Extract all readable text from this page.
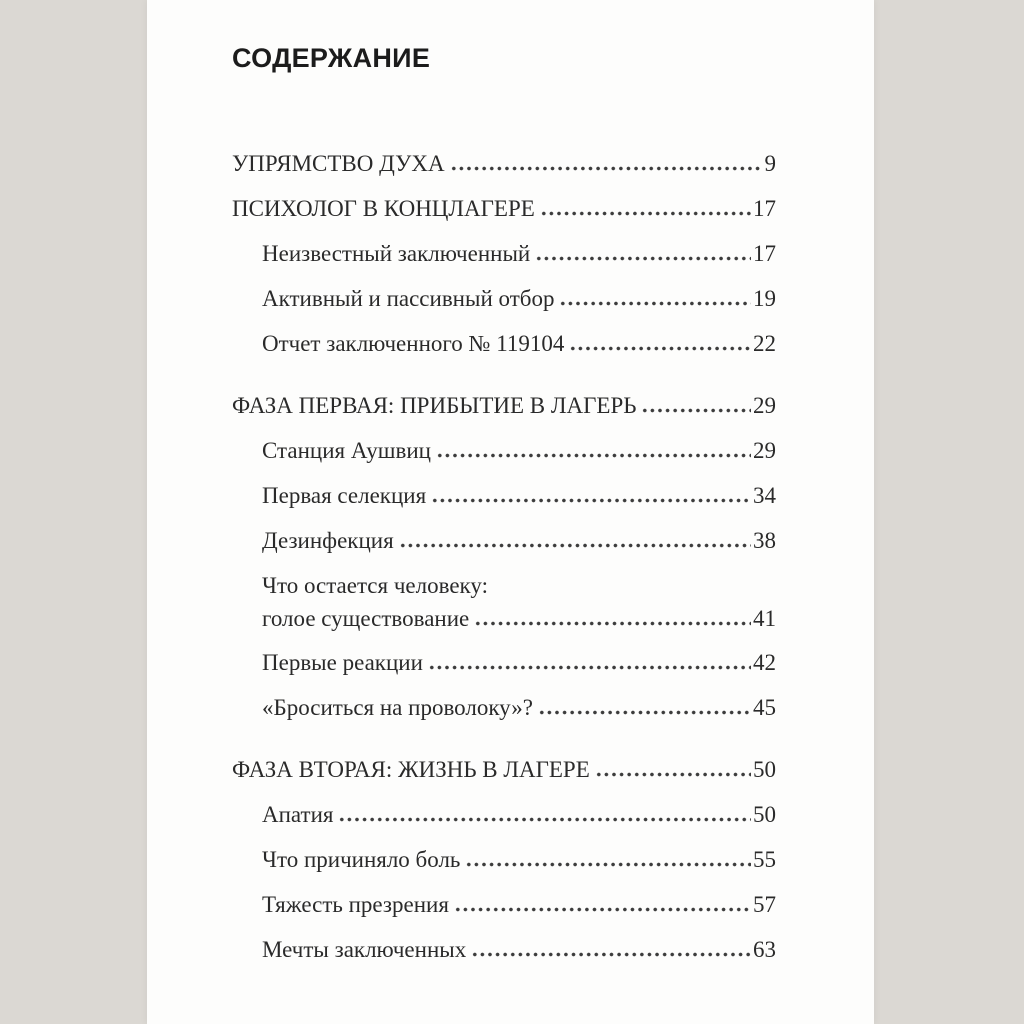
СОДЕРЖАНИЕ
УПРЯМСТВО ДУХА	9
ПСИХОЛОГ В КОНЦЛАГЕРЕ	17
Неизвестный заключенный	17
Активный и пассивный отбор	19
Отчет заключенного № 119104	22
ФАЗА ПЕРВАЯ: ПРИБЫТИЕ В ЛАГЕРЬ	29
Станция Аушвиц	29
Первая селекция	34
Дезинфекция	38
Что остается человеку:
голое существование	41
Первые реакции	42
«Броситься на проволоку»?	45
ФАЗА ВТОРАЯ: ЖИЗНЬ В ЛАГЕРЕ	50
Апатия	50
Что причиняло боль	55
Тяжесть презрения	57
Мечты заключенных	63
